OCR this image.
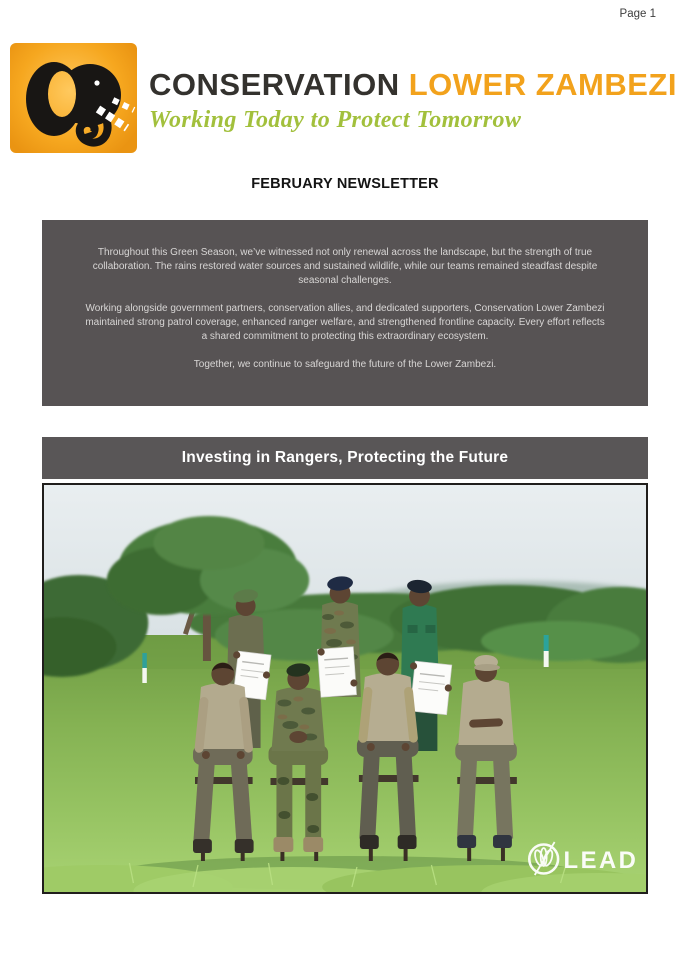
Page 1
CONSERVATION LOWER ZAMBEZI
Working Today to Protect Tomorrow
FEBRUARY NEWSLETTER

Throughout this Green Season, we’ve witnessed not only renewal across the landscape, but the strength of true collaboration. The rains restored water sources and sustained wildlife, while our teams remained steadfast despite seasonal challenges.

Working alongside government partners, conservation allies, and dedicated supporters, Conservation Lower Zambezi maintained strong patrol coverage, enhanced ranger welfare, and strengthened frontline capacity. Every effort reflects a shared commitment to protecting this extraordinary ecosystem.

Together, we continue to safeguard the future of the Lower Zambezi.

Investing in Rangers, Protecting the Future
LEAD
